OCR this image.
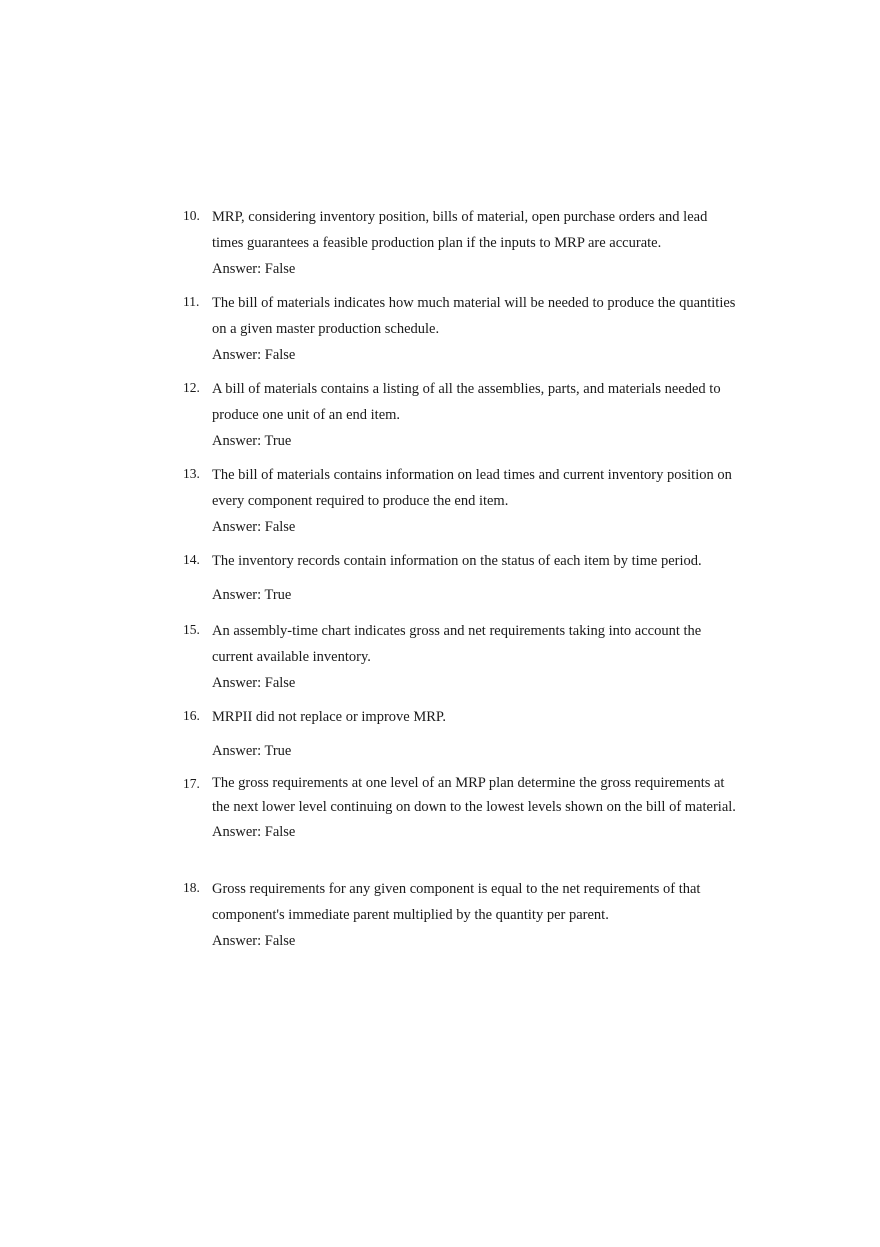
10. MRP, considering inventory position, bills of material, open purchase orders and lead times guarantees a feasible production plan if the inputs to MRP are accurate.
Answer: False
11. The bill of materials indicates how much material will be needed to produce the quantities on a given master production schedule.
Answer: False
12. A bill of materials contains a listing of all the assemblies, parts, and materials needed to produce one unit of an end item.
Answer: True
13. The bill of materials contains information on lead times and current inventory position on every component required to produce the end item.
Answer: False
14. The inventory records contain information on the status of each item by time period.
Answer: True
15. An assembly-time chart indicates gross and net requirements taking into account the current available inventory.
Answer: False
16. MRPII did not replace or improve MRP.
Answer: True
17. The gross requirements at one level of an MRP plan determine the gross requirements at the next lower level continuing on down to the lowest levels shown on the bill of material.
Answer: False
18. Gross requirements for any given component is equal to the net requirements of that component's immediate parent multiplied by the quantity per parent.
Answer: False
